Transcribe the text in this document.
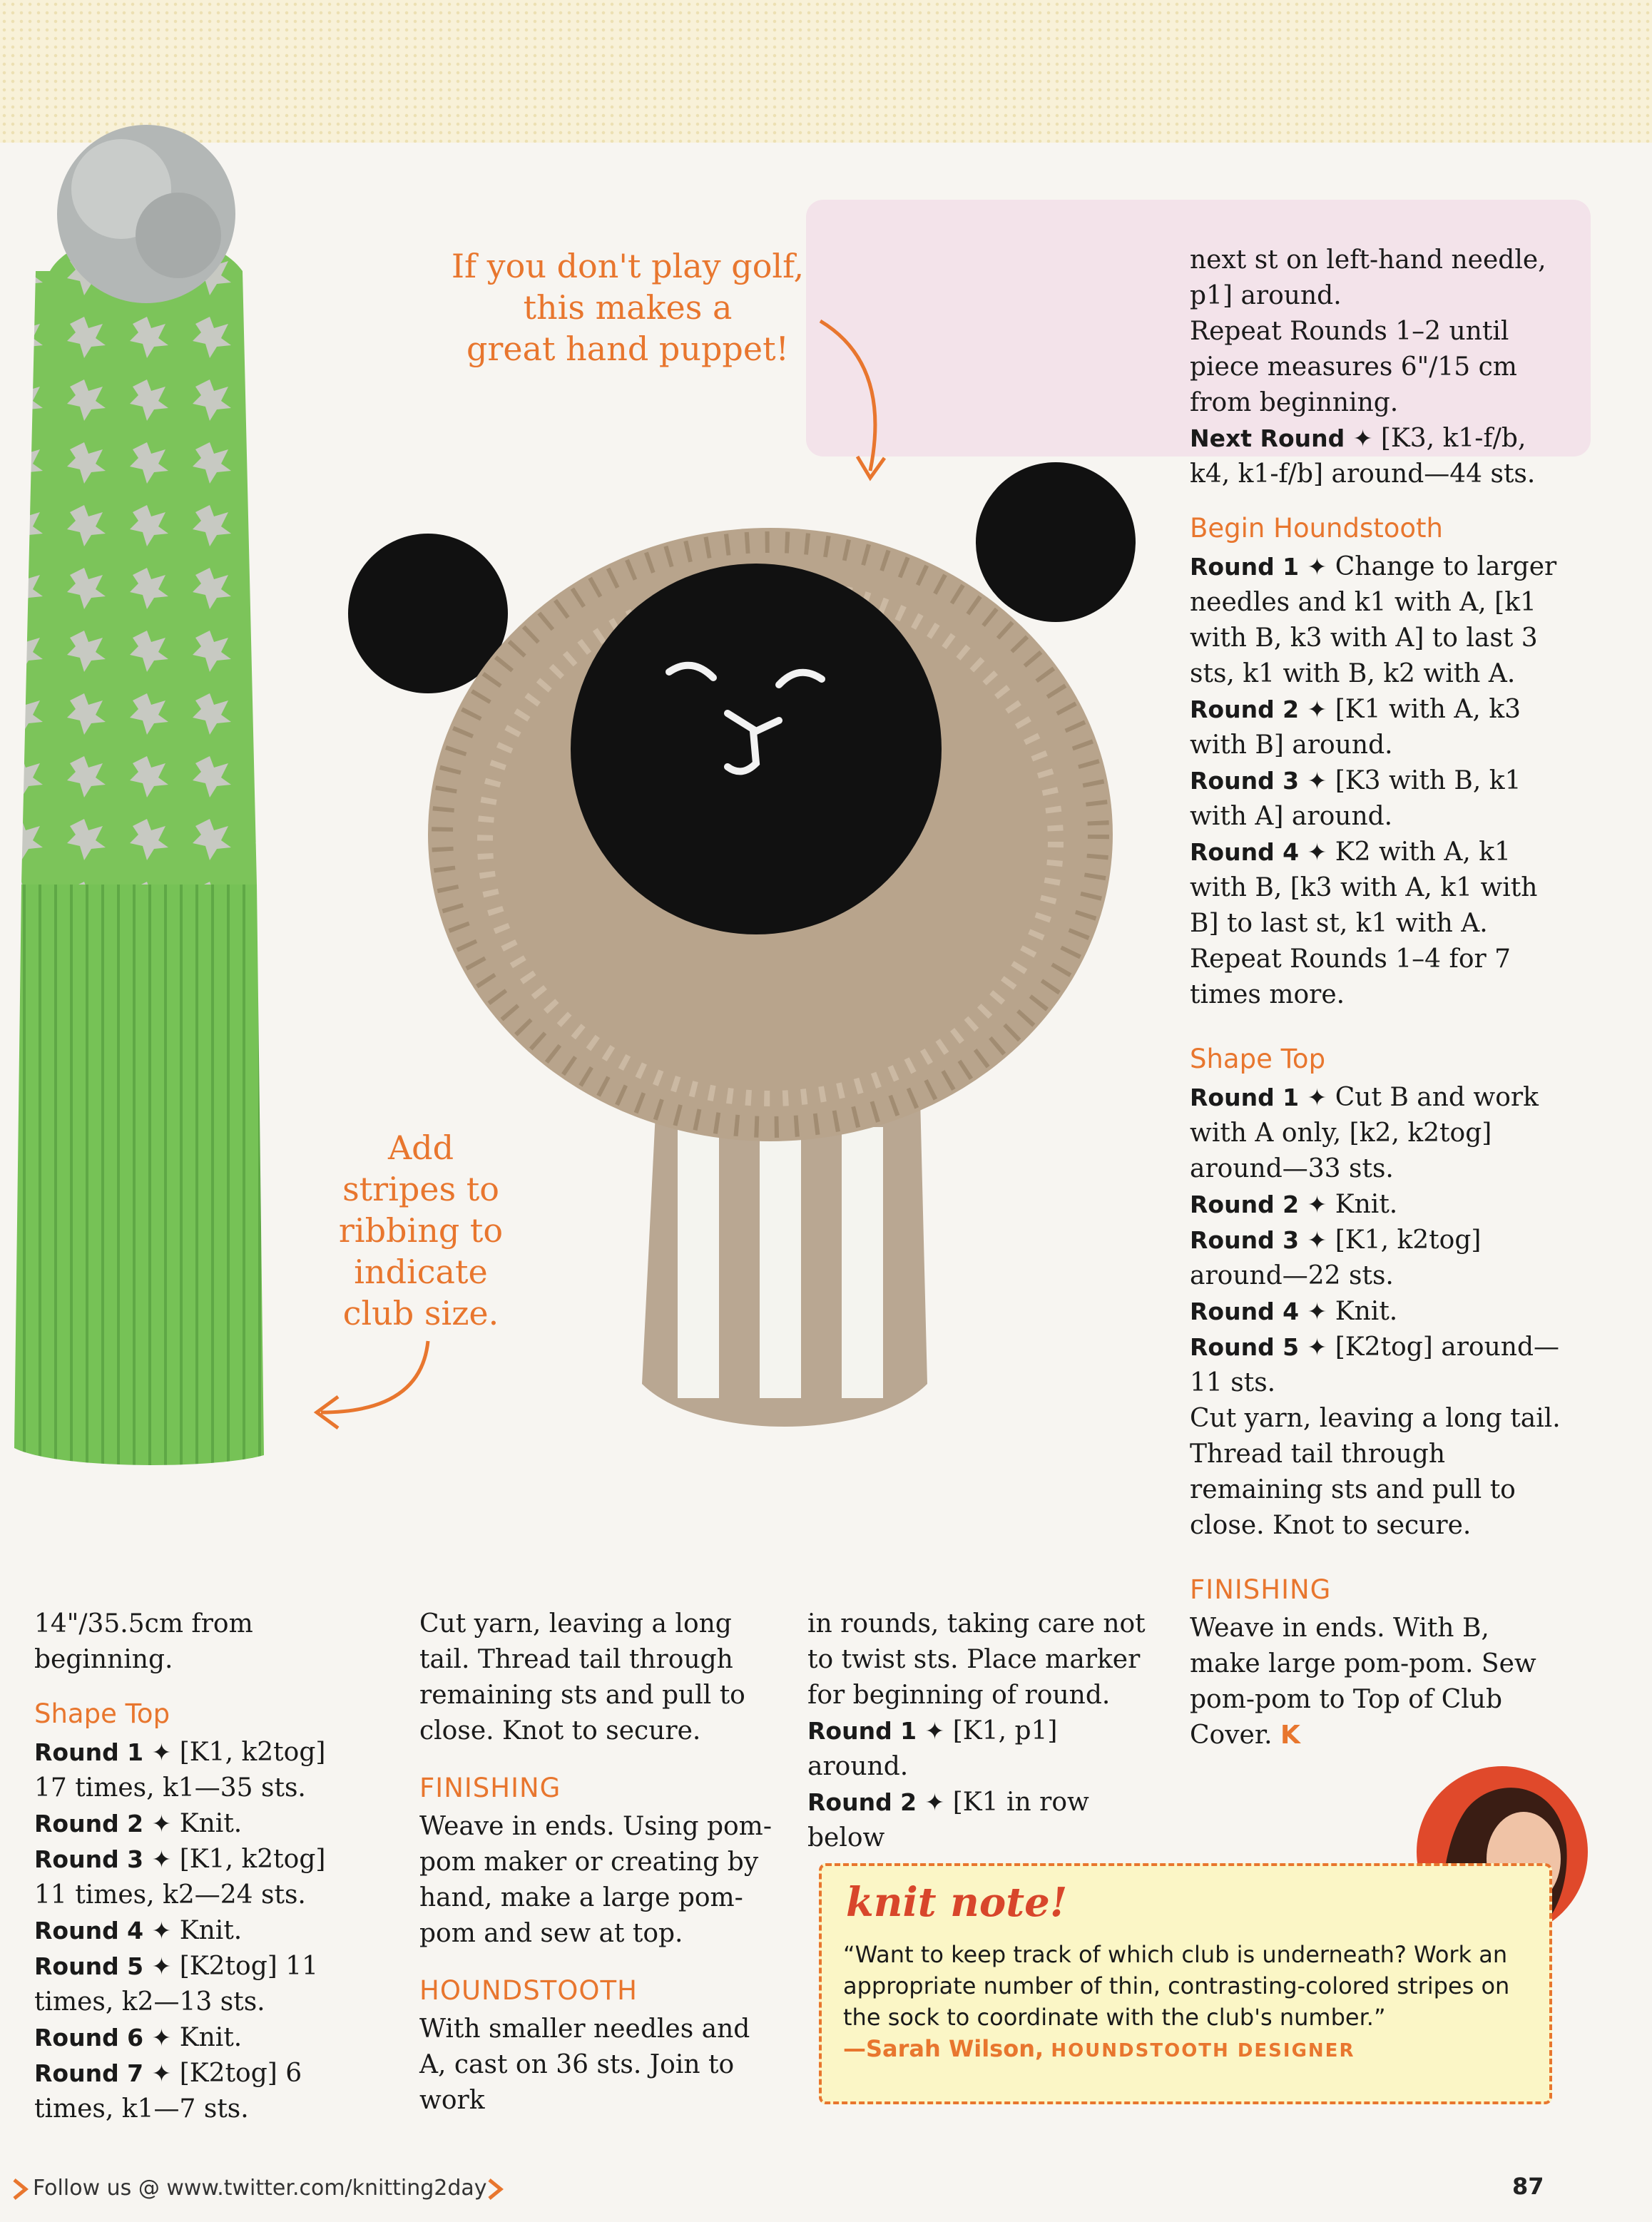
If you don't play golf,
this makes a
great hand puppet!
Add
stripes to
ribbing to
indicate
club size.

next st on left-hand needle, p1] around.

Repeat Rounds 1–2 until piece measures 6"/15 cm from beginning.

Next Round ✦ [K3, k1-f/b, k4, k1-f/b] around—44 sts.

Begin Houndstooth

Round 1 ✦ Change to larger needles and k1 with A, [k1 with B, k3 with A] to last 3 sts, k1 with B, k2 with A.

Round 2 ✦ [K1 with A, k3 with B] around.

Round 3 ✦ [K3 with B, k1 with A] around.

Round 4 ✦ K2 with A, k1 with B, [k3 with A, k1 with B] to last st, k1 with A.

Repeat Rounds 1–4 for 7 times more.

Shape Top

Round 1 ✦ Cut B and work with A only, [k2, k2tog] around—33 sts.

Round 2 ✦ Knit.

Round 3 ✦ [K1, k2tog] around—22 sts.

Round 4 ✦ Knit.

Round 5 ✦ [K2tog] around—11 sts.

Cut yarn, leaving a long tail. Thread tail through remaining sts and pull to close. Knot to secure.

FINISHING

Weave in ends. With B, make large pom-pom. Sew pom-pom to Top of Club Cover. K

14"/35.5cm from beginning.

Shape Top

Round 1 ✦ [K1, k2tog] 17 times, k1—35 sts.

Round 2 ✦ Knit.

Round 3 ✦ [K1, k2tog] 11 times, k2—24 sts.

Round 4 ✦ Knit.

Round 5 ✦ [K2tog] 11 times, k2—13 sts.

Round 6 ✦ Knit.

Round 7 ✦ [K2tog] 6 times, k1—7 sts.

Cut yarn, leaving a long tail. Thread tail through remaining sts and pull to close. Knot to secure.

FINISHING

Weave in ends. Using pom-pom maker or creating by hand, make a large pom-pom and sew at top.

HOUNDSTOOTH

With smaller needles and A, cast on 36 sts. Join to work

in rounds, taking care not to twist sts. Place marker for beginning of round.

Round 1 ✦ [K1, p1] around.

Round 2 ✦ [K1 in row below

knit note!
“Want to keep track of which club is underneath? Work an appropriate number of thin, contrasting-colored stripes on the sock to coordinate with the club's number.”
—Sarah Wilson, HOUNDSTOOTH DESIGNER
Follow us @ www.twitter.com/knitting2day	87
